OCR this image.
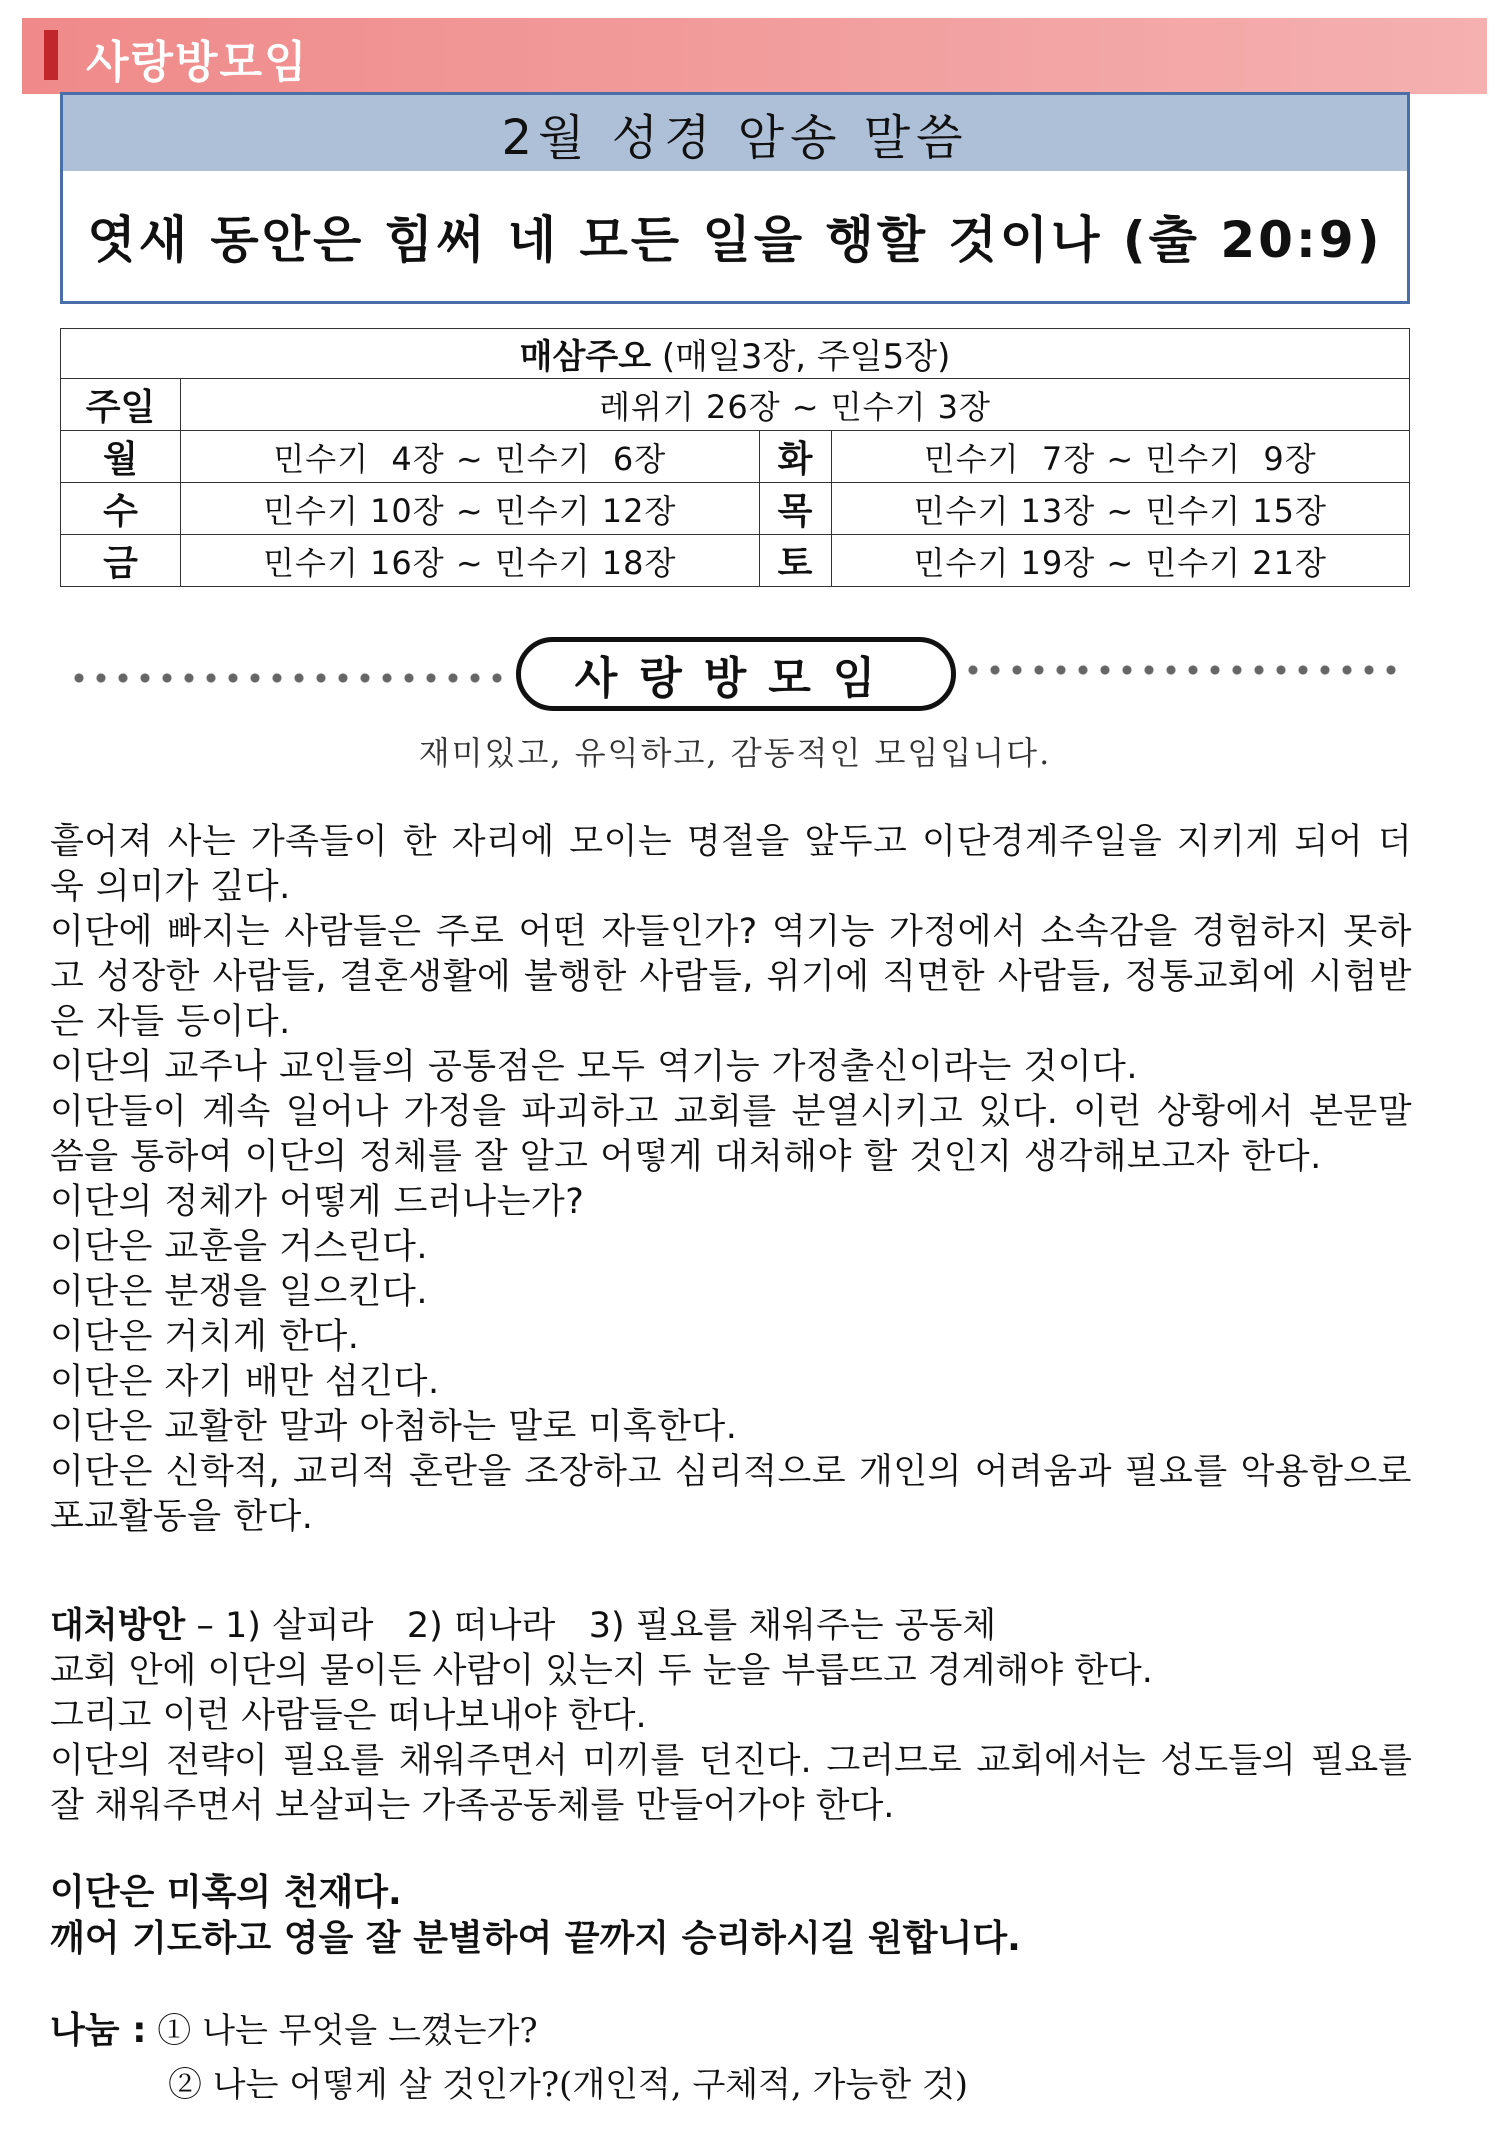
사랑방모임
2월 성경 암송 말씀
엿새 동안은 힘써 네 모든 일을 행할 것이나 (출 20:9)
매삼주오 (매일3장, 주일5장)			
주일	레위기 26장 ~ 민수기 3장		
월	민수기  4장 ~ 민수기  6장	화	민수기  7장 ~ 민수기  9장
수	민수기 10장 ~ 민수기 12장	목	민수기 13장 ~ 민수기 15장
금	민수기 16장 ~ 민수기 18장	토	민수기 19장 ~ 민수기 21장
사랑방모임
재미있고, 유익하고, 감동적인 모임입니다.

흩어져 사는 가족들이 한 자리에 모이는 명절을 앞두고 이단경계주일을 지키게 되어 더욱 의미가 깊다.

이단에 빠지는 사람들은 주로 어떤 자들인가? 역기능 가정에서 소속감을 경험하지 못하고 성장한 사람들, 결혼생활에 불행한 사람들, 위기에 직면한 사람들, 정통교회에 시험받은 자들 등이다.

이단의 교주나 교인들의 공통점은 모두 역기능 가정출신이라는 것이다.

이단들이 계속 일어나 가정을 파괴하고 교회를 분열시키고 있다. 이런 상황에서 본문말씀을 통하여 이단의 정체를 잘 알고 어떻게 대처해야 할 것인지 생각해보고자 한다.

이단의 정체가 어떻게 드러나는가?

이단은 교훈을 거스린다.

이단은 분쟁을 일으킨다.

이단은 거치게 한다.

이단은 자기 배만 섬긴다.

이단은 교활한 말과 아첨하는 말로 미혹한다.

이단은 신학적, 교리적 혼란을 조장하고 심리적으로 개인의 어려움과 필요를 악용함으로 포교활동을 한다.

대처방안 – 1) 살피라   2) 떠나라   3) 필요를 채워주는 공동체

교회 안에 이단의 물이든 사람이 있는지 두 눈을 부릅뜨고 경계해야 한다.

그리고 이런 사람들은 떠나보내야 한다.

이단의 전략이 필요를 채워주면서 미끼를 던진다. 그러므로 교회에서는 성도들의 필요를 잘 채워주면서 보살피는 가족공동체를 만들어가야 한다.

이단은 미혹의 천재다.

깨어 기도하고 영을 잘 분별하여 끝까지 승리하시길 원합니다.

나눔 : ① 나는 무엇을 느꼈는가?
② 나는 어떻게 살 것인가?(개인적, 구체적, 가능한 것)
